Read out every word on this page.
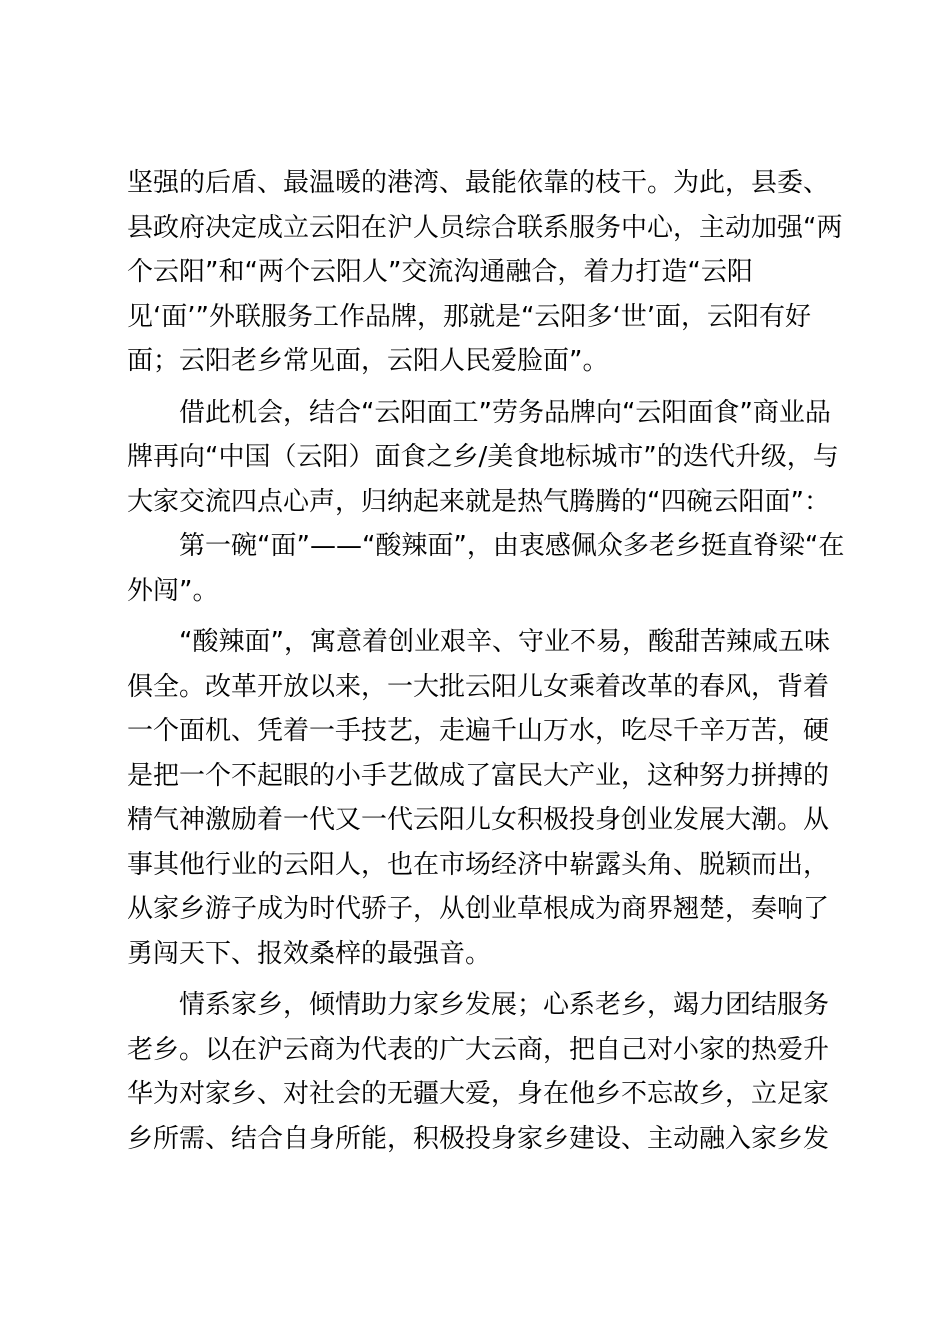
坚强的后盾、最温暖的港湾、最能依靠的枝干。为此，县委、
县政府决定成立云阳在沪人员综合联系服务中心，主动加强“两
个云阳”和“两个云阳人”交流沟通融合，着力打造“云阳
见‘面’”外联服务工作品牌，那就是“云阳多‘世’面，云阳有好
面；云阳老乡常见面，云阳人民爱脸面”。
　　借此机会，结合“云阳面工”劳务品牌向“云阳面食”商业品
牌再向“中国（云阳）面食之乡/美食地标城市”的迭代升级，与
大家交流四点心声，归纳起来就是热气腾腾的“四碗云阳面”：
　　第一碗“面”——“酸辣面”，由衷感佩众多老乡挺直脊梁“在
外闯”。
　　“酸辣面”，寓意着创业艰辛、守业不易，酸甜苦辣咸五味
俱全。改革开放以来，一大批云阳儿女乘着改革的春风，背着
一个面机、凭着一手技艺，走遍千山万水，吃尽千辛万苦，硬
是把一个不起眼的小手艺做成了富民大产业，这种努力拼搏的
精气神激励着一代又一代云阳儿女积极投身创业发展大潮。从
事其他行业的云阳人，也在市场经济中崭露头角、脱颖而出，
从家乡游子成为时代骄子，从创业草根成为商界翘楚，奏响了
勇闯天下、报效桑梓的最强音。
　　情系家乡，倾情助力家乡发展；心系老乡，竭力团结服务
老乡。以在沪云商为代表的广大云商，把自己对小家的热爱升
华为对家乡、对社会的无疆大爱，身在他乡不忘故乡，立足家
乡所需、结合自身所能，积极投身家乡建设、主动融入家乡发
